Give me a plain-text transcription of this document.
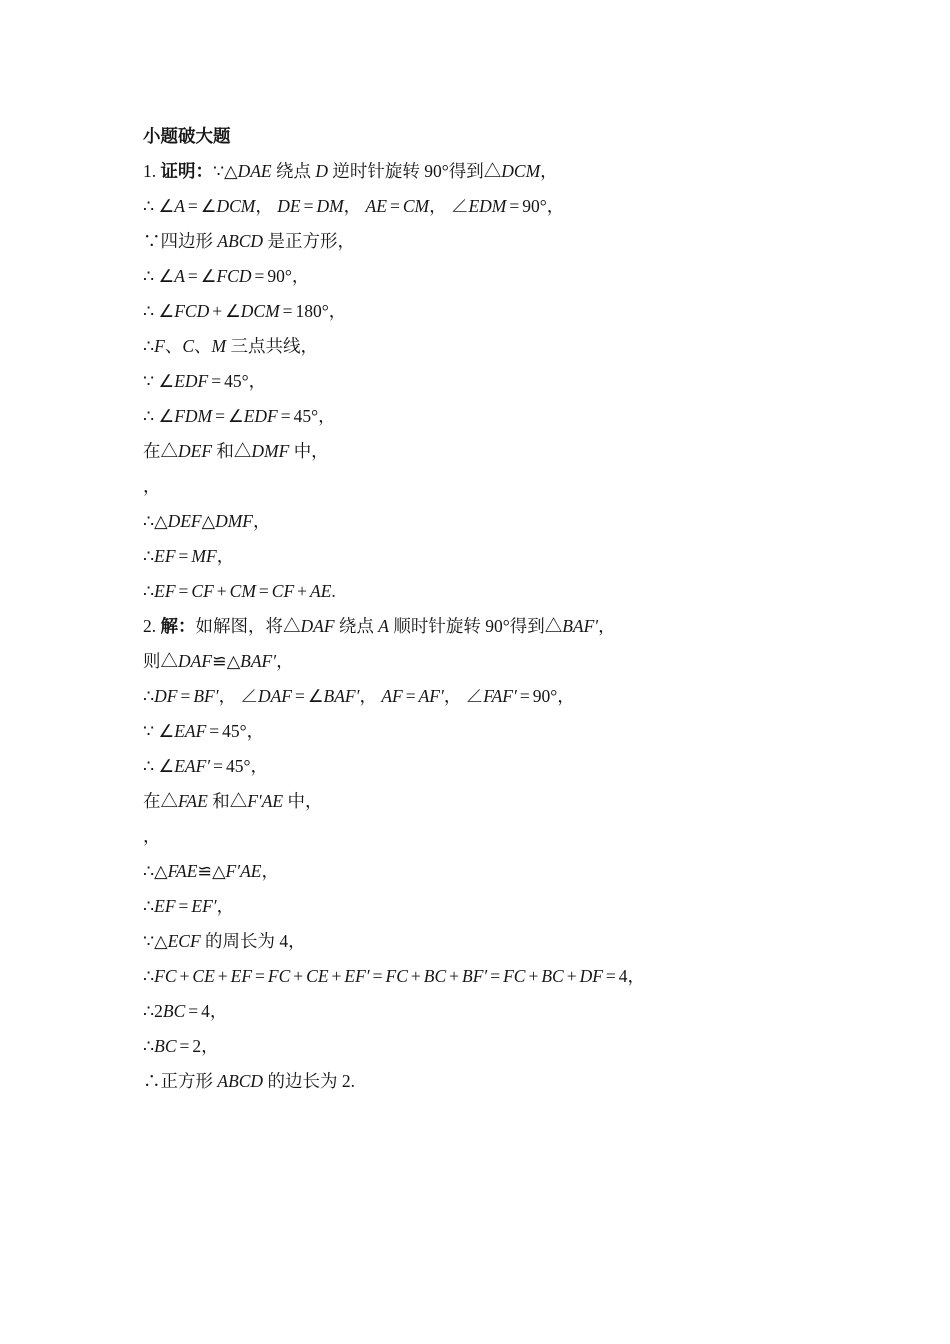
小题破大题

1. 证明：∵△DAE 绕点 D 逆时针旋转 90°得到△DCM，

∴ ∠A = ∠DCM， DE = DM， AE = CM， ∠EDM = 90°，

∵四边形 ABCD 是正方形，

∴ ∠A = ∠FCD = 90°，

∴ ∠FCD + ∠DCM = 180°，

∴F、C、M 三点共线，

∵ ∠EDF = 45°，

∴ ∠FDM = ∠EDF = 45°，

在△DEF 和△DMF 中，

，

∴△DEF△DMF，

∴EF = MF，

∴EF = CF + CM = CF + AE.

2. 解：如解图，将△DAF 绕点 A 顺时针旋转 90°得到△BAF′，

则△DAF≌△BAF′，

∴DF = BF′， ∠DAF = ∠BAF′， AF = AF′， ∠FAF′ = 90°，

∵ ∠EAF = 45°，

∴ ∠EAF′ = 45°，

在△FAE 和△F′AE 中，

，

∴△FAE≌△F′AE，

∴EF = EF′，

∵△ECF 的周长为 4，

∴FC + CE + EF = FC + CE + EF′ = FC + BC + BF′ = FC + BC + DF = 4，

∴2BC = 4，

∴BC = 2，

∴正方形 ABCD 的边长为 2.
